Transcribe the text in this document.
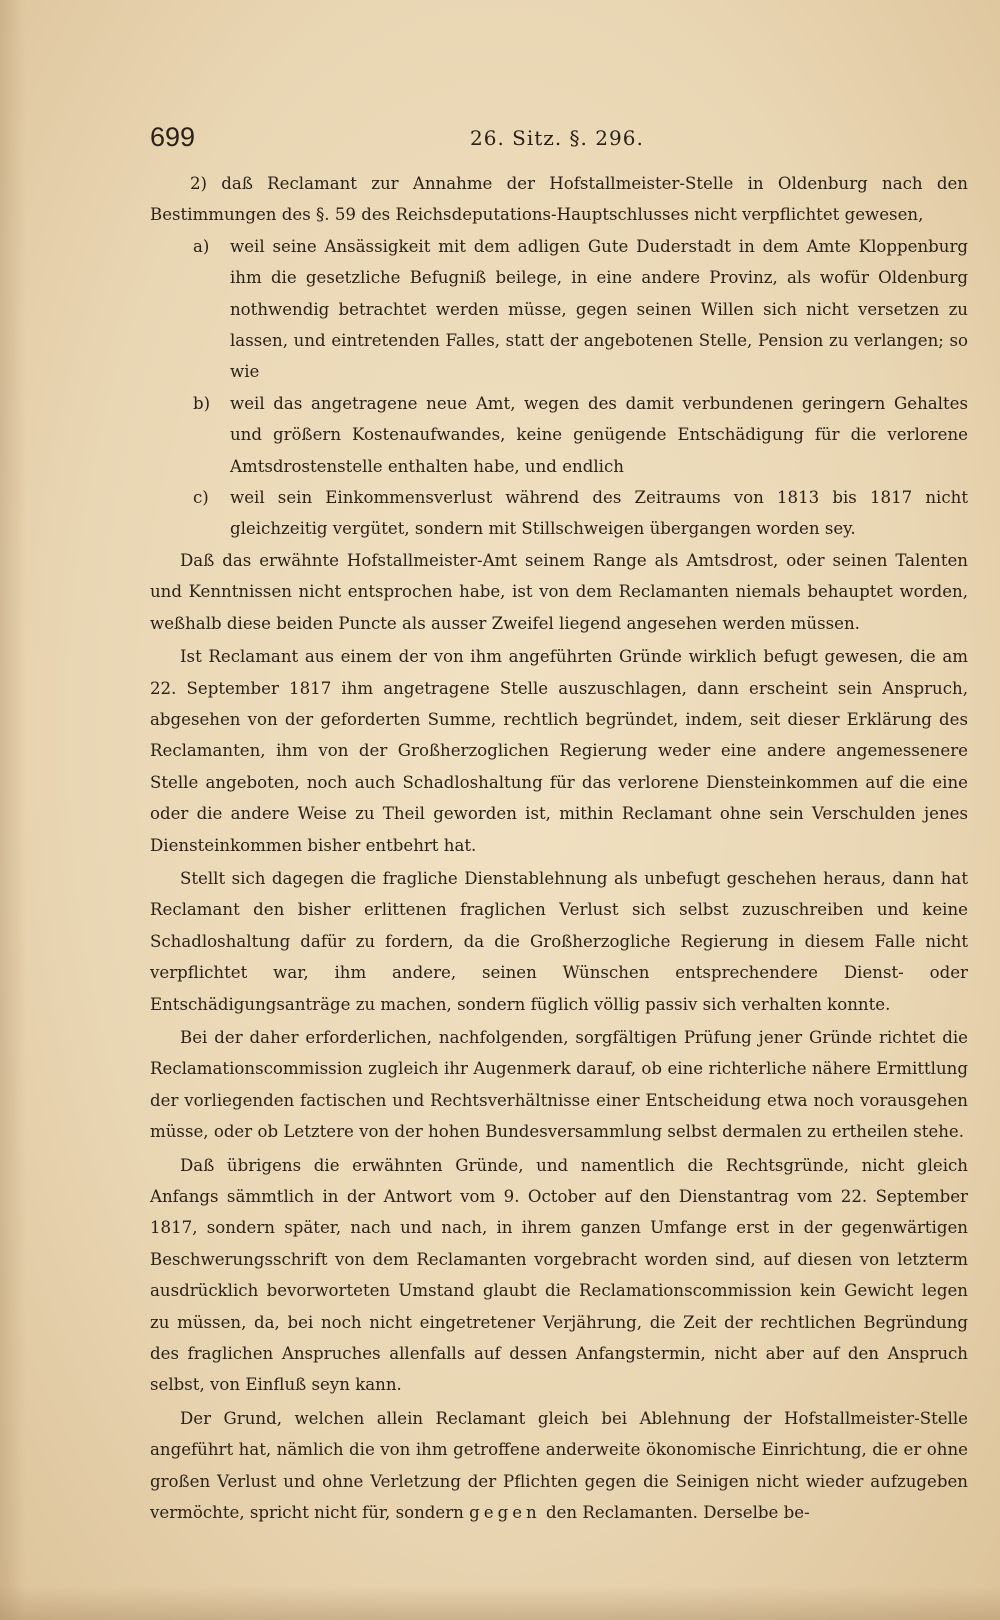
699	26. Sitz. §. 296.

2) daß Reclamant zur Annahme der Hofstallmeister-Stelle in Oldenburg nach den Bestimmungen des §. 59 des Reichsdeputations-Hauptschlusses nicht verpflichtet gewesen,

a) weil seine Ansässigkeit mit dem adligen Gute Duderstadt in dem Amte Kloppenburg ihm die gesetzliche Befugniß beilege, in eine andere Provinz, als wofür Oldenburg nothwendig betrachtet werden müsse, gegen seinen Willen sich nicht versetzen zu lassen, und eintretenden Falles, statt der angebotenen Stelle, Pension zu verlangen; so wie

b) weil das angetragene neue Amt, wegen des damit verbundenen geringern Gehaltes und größern Kostenaufwandes, keine genügende Entschädigung für die verlorene Amtsdrostenstelle enthalten habe, und endlich

c) weil sein Einkommensverlust während des Zeitraums von 1813 bis 1817 nicht gleichzeitig vergütet, sondern mit Stillschweigen übergangen worden sey.

Daß das erwähnte Hofstallmeister-Amt seinem Range als Amtsdrost, oder seinen Talenten und Kenntnissen nicht entsprochen habe, ist von dem Reclamanten niemals behauptet worden, weßhalb diese beiden Puncte als ausser Zweifel liegend angesehen werden müssen.

Ist Reclamant aus einem der von ihm angeführten Gründe wirklich befugt gewesen, die am 22. September 1817 ihm angetragene Stelle auszuschlagen, dann erscheint sein Anspruch, abgesehen von der geforderten Summe, rechtlich begründet, indem, seit dieser Erklärung des Reclamanten, ihm von der Großherzoglichen Regierung weder eine andere angemessenere Stelle angeboten, noch auch Schadloshaltung für das verlorene Diensteinkommen auf die eine oder die andere Weise zu Theil geworden ist, mithin Reclamant ohne sein Verschulden jenes Diensteinkommen bisher entbehrt hat.

Stellt sich dagegen die fragliche Dienstablehnung als unbefugt geschehen heraus, dann hat Reclamant den bisher erlittenen fraglichen Verlust sich selbst zuzuschreiben und keine Schadloshaltung dafür zu fordern, da die Großherzogliche Regierung in diesem Falle nicht verpflichtet war, ihm andere, seinen Wünschen entsprechendere Dienst- oder Entschädigungsanträge zu machen, sondern füglich völlig passiv sich verhalten konnte.

Bei der daher erforderlichen, nachfolgenden, sorgfältigen Prüfung jener Gründe richtet die Reclamationscommission zugleich ihr Augenmerk darauf, ob eine richterliche nähere Ermittlung der vorliegenden factischen und Rechtsverhältnisse einer Entscheidung etwa noch vorausgehen müsse, oder ob Letztere von der hohen Bundesversammlung selbst dermalen zu ertheilen stehe.

Daß übrigens die erwähnten Gründe, und namentlich die Rechtsgründe, nicht gleich Anfangs sämmtlich in der Antwort vom 9. October auf den Dienstantrag vom 22. September 1817, sondern später, nach und nach, in ihrem ganzen Umfange erst in der gegenwärtigen Beschwerungsschrift von dem Reclamanten vorgebracht worden sind, auf diesen von letzterm ausdrücklich bevorworteten Umstand glaubt die Reclamationscommission kein Gewicht legen zu müssen, da, bei noch nicht eingetretener Verjährung, die Zeit der rechtlichen Begründung des fraglichen Anspruches allenfalls auf dessen Anfangstermin, nicht aber auf den Anspruch selbst, von Einfluß seyn kann.

Der Grund, welchen allein Reclamant gleich bei Ablehnung der Hofstallmeister-Stelle angeführt hat, nämlich die von ihm getroffene anderweite ökonomische Einrichtung, die er ohne großen Verlust und ohne Verletzung der Pflichten gegen die Seinigen nicht wieder aufzugeben vermöchte, spricht nicht für, sondern gegen den Reclamanten. Derselbe be-
